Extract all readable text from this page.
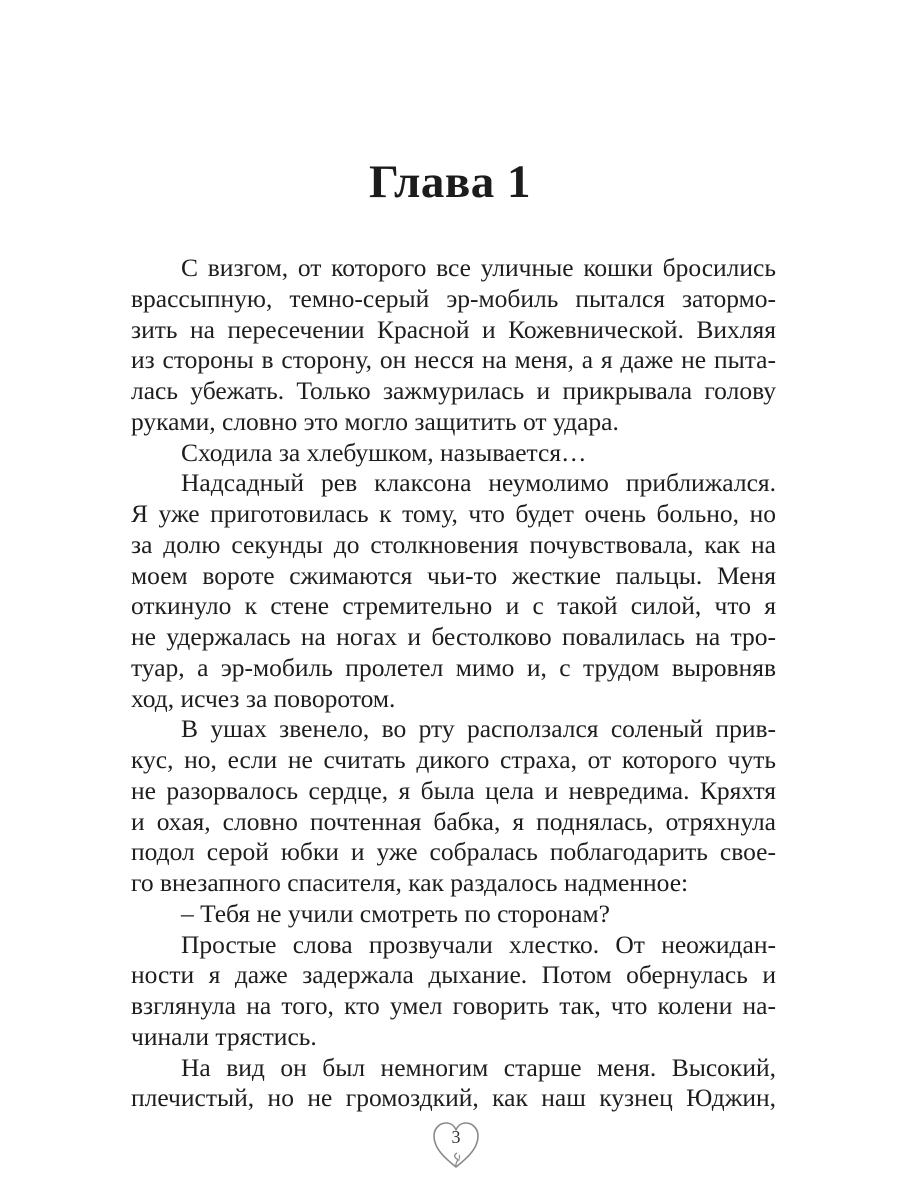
Глава 1
С визгом, от которого все уличные кошки бросились
врассыпную, темно-серый эр-мобиль пытался затормо-
зить на пересечении Красной и Кожевнической. Вихляя
из стороны в сторону, он несся на меня, а я даже не пыта-
лась убежать. Только зажмурилась и прикрывала голову
руками, словно это могло защитить от удара.
Сходила за хлебушком, называется…
Надсадный рев клаксона неумолимо приближался.
Я уже приготовилась к тому, что будет очень больно, но
за долю секунды до столкновения почувствовала, как на
моем вороте сжимаются чьи-то жесткие пальцы. Меня
откинуло к стене стремительно и с такой силой, что я
не удержалась на ногах и бестолково повалилась на тро-
туар, а эр-мобиль пролетел мимо и, с трудом выровняв
ход, исчез за поворотом.
В ушах звенело, во рту расползался соленый прив-
кус, но, если не считать дикого страха, от которого чуть
не разорвалось сердце, я была цела и невредима. Кряхтя
и охая, словно почтенная бабка, я поднялась, отряхнула
подол серой юбки и уже собралась поблагодарить свое-
го внезапного спасителя, как раздалось надменное:
– Тебя не учили смотреть по сторонам?
Простые слова прозвучали хлестко. От неожидан-
ности я даже задержала дыхание. Потом обернулась и
взглянула на того, кто умел говорить так, что колени на-
чинали трястись.
На вид он был немногим старше меня. Высокий,
плечистый, но не громоздкий, как наш кузнец Юджин,
3
